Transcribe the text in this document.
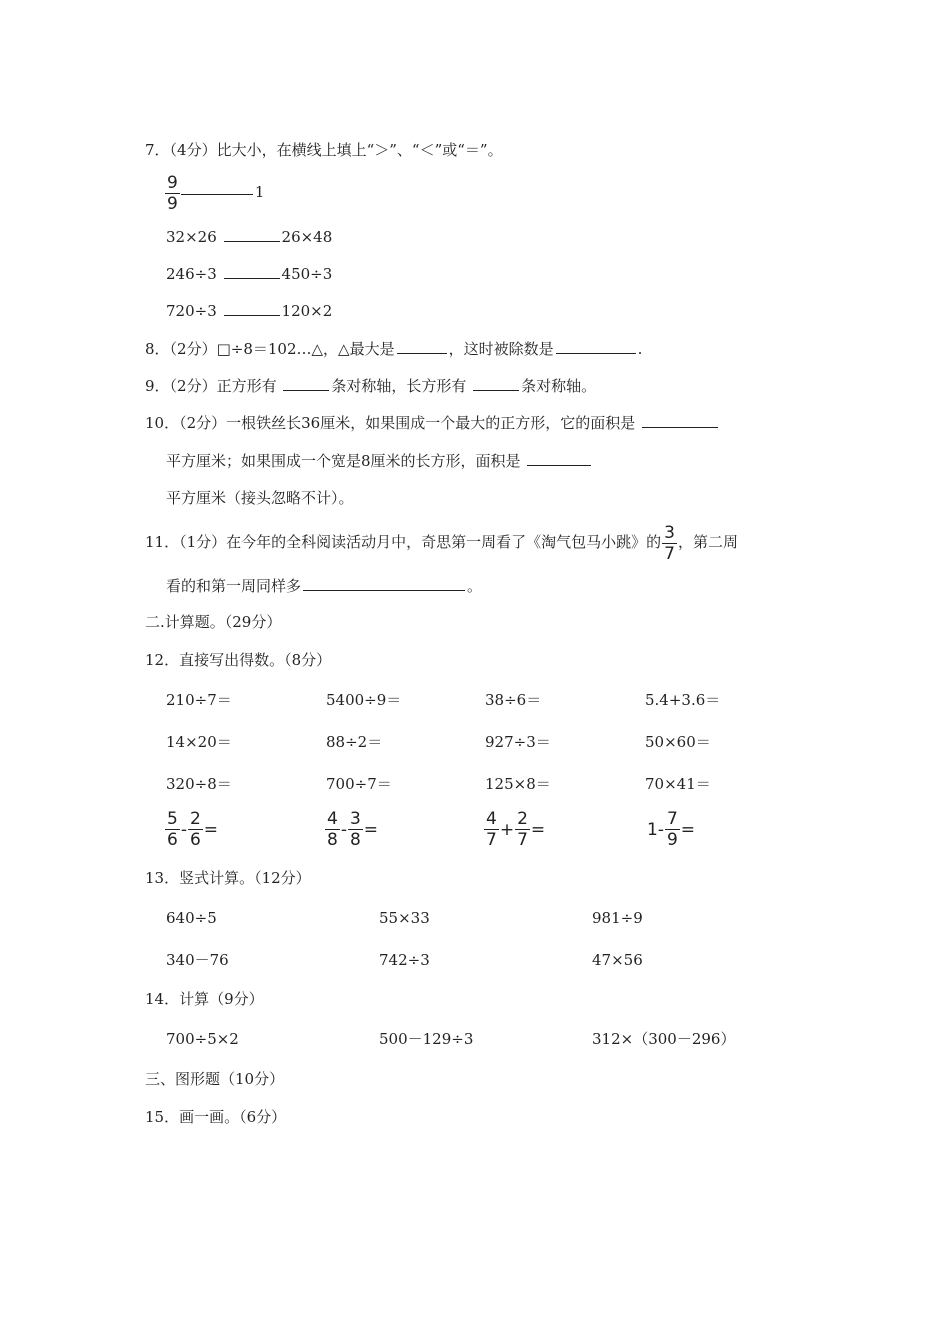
7．（4分）比大小，在横线上填上“＞”、“＜”或“＝”。
$\frac{9}{9}$	1
32×26	26×48
246÷3	450÷3
720÷3	120×2
8．（2分）□÷8＝102…△，△最大是	，这时被除数是	.
9．（2分）正方形有	条对称轴，长方形有	条对称轴。
10．（2分）一根铁丝长36厘米，如果围成一个最大的正方形，它的面积是
平方厘米；如果围成一个宽是8厘米的长方形，面积是
平方厘米（接头忽略不计）。
11．（1分）在今年的全科阅读活动月中，奇思第一周看了《淘气包马小跳》的 $\frac{3}{7}$ ，第二周
看的和第一周同样多	。
二.计算题。（29分）
12．直接写出得数。（8分）
210÷7＝	5400÷9＝	38÷6＝	5.4+3.6＝
14×20＝	88÷2＝	927÷3＝	50×60＝
320÷8＝	700÷7＝	125×8＝	70×41＝
$\frac{5}{6} - \frac{2}{6}$ =	$\frac{4}{8} - \frac{3}{8}$ =	$\frac{4}{7} + \frac{2}{7}$ =	$1- \frac{7}{9}$ =
13．竖式计算。（12分）
640÷5	55×33	981÷9
340－76	742÷3	47×56
14．计算（9分）
700÷5×2	500－129÷3	312×（300－296）
三、图形题（10分）
15．画一画。（6分）
